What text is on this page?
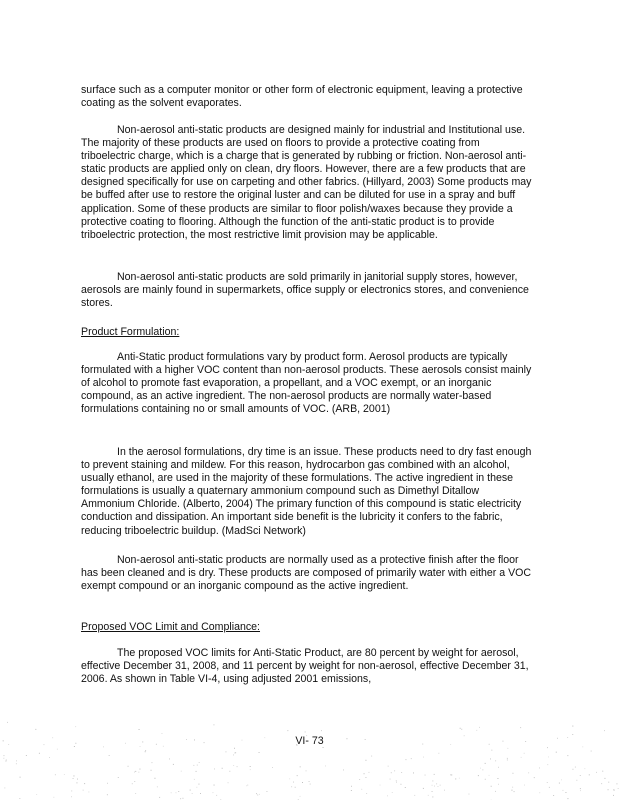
surface such as a computer monitor or other form of electronic equipment, leaving a protective coating as the solvent evaporates.

Non-aerosol anti-static products are designed mainly for industrial and Institutional use. The majority of these products are used on floors to provide a protective coating from triboelectric charge, which is a charge that is generated by rubbing or friction. Non-aerosol anti-static products are applied only on clean, dry floors. However, there are a few products that are designed specifically for use on carpeting and other fabrics. (Hillyard, 2003) Some products may be buffed after use to restore the original luster and can be diluted for use in a spray and buff application. Some of these products are similar to floor polish/waxes because they provide a protective coating to flooring. Although the function of the anti-static product is to provide triboelectric protection, the most restrictive limit provision may be applicable.

Non-aerosol anti-static products are sold primarily in janitorial supply stores, however, aerosols are mainly found in supermarkets, office supply or electronics stores, and convenience stores.

Product Formulation:

Anti-Static product formulations vary by product form. Aerosol products are typically formulated with a higher VOC content than non-aerosol products. These aerosols consist mainly of alcohol to promote fast evaporation, a propellant, and a VOC exempt, or an inorganic compound, as an active ingredient. The non-aerosol products are normally water-based formulations containing no or small amounts of VOC. (ARB, 2001)

In the aerosol formulations, dry time is an issue. These products need to dry fast enough to prevent staining and mildew. For this reason, hydrocarbon gas combined with an alcohol, usually ethanol, are used in the majority of these formulations. The active ingredient in these formulations is usually a quaternary ammonium compound such as Dimethyl Ditallow Ammonium Chloride. (Alberto, 2004) The primary function of this compound is static electricity conduction and dissipation. An important side benefit is the lubricity it confers to the fabric, reducing triboelectric buildup. (MadSci Network)

Non-aerosol anti-static products are normally used as a protective finish after the floor has been cleaned and is dry. These products are composed of primarily water with either a VOC exempt compound or an inorganic compound as the active ingredient.

Proposed VOC Limit and Compliance:

The proposed VOC limits for Anti-Static Product, are 80 percent by weight for aerosol, effective December 31, 2008, and 11 percent by weight for non-aerosol, effective December 31, 2006. As shown in Table VI-4, using adjusted 2001 emissions,

VI- 73
